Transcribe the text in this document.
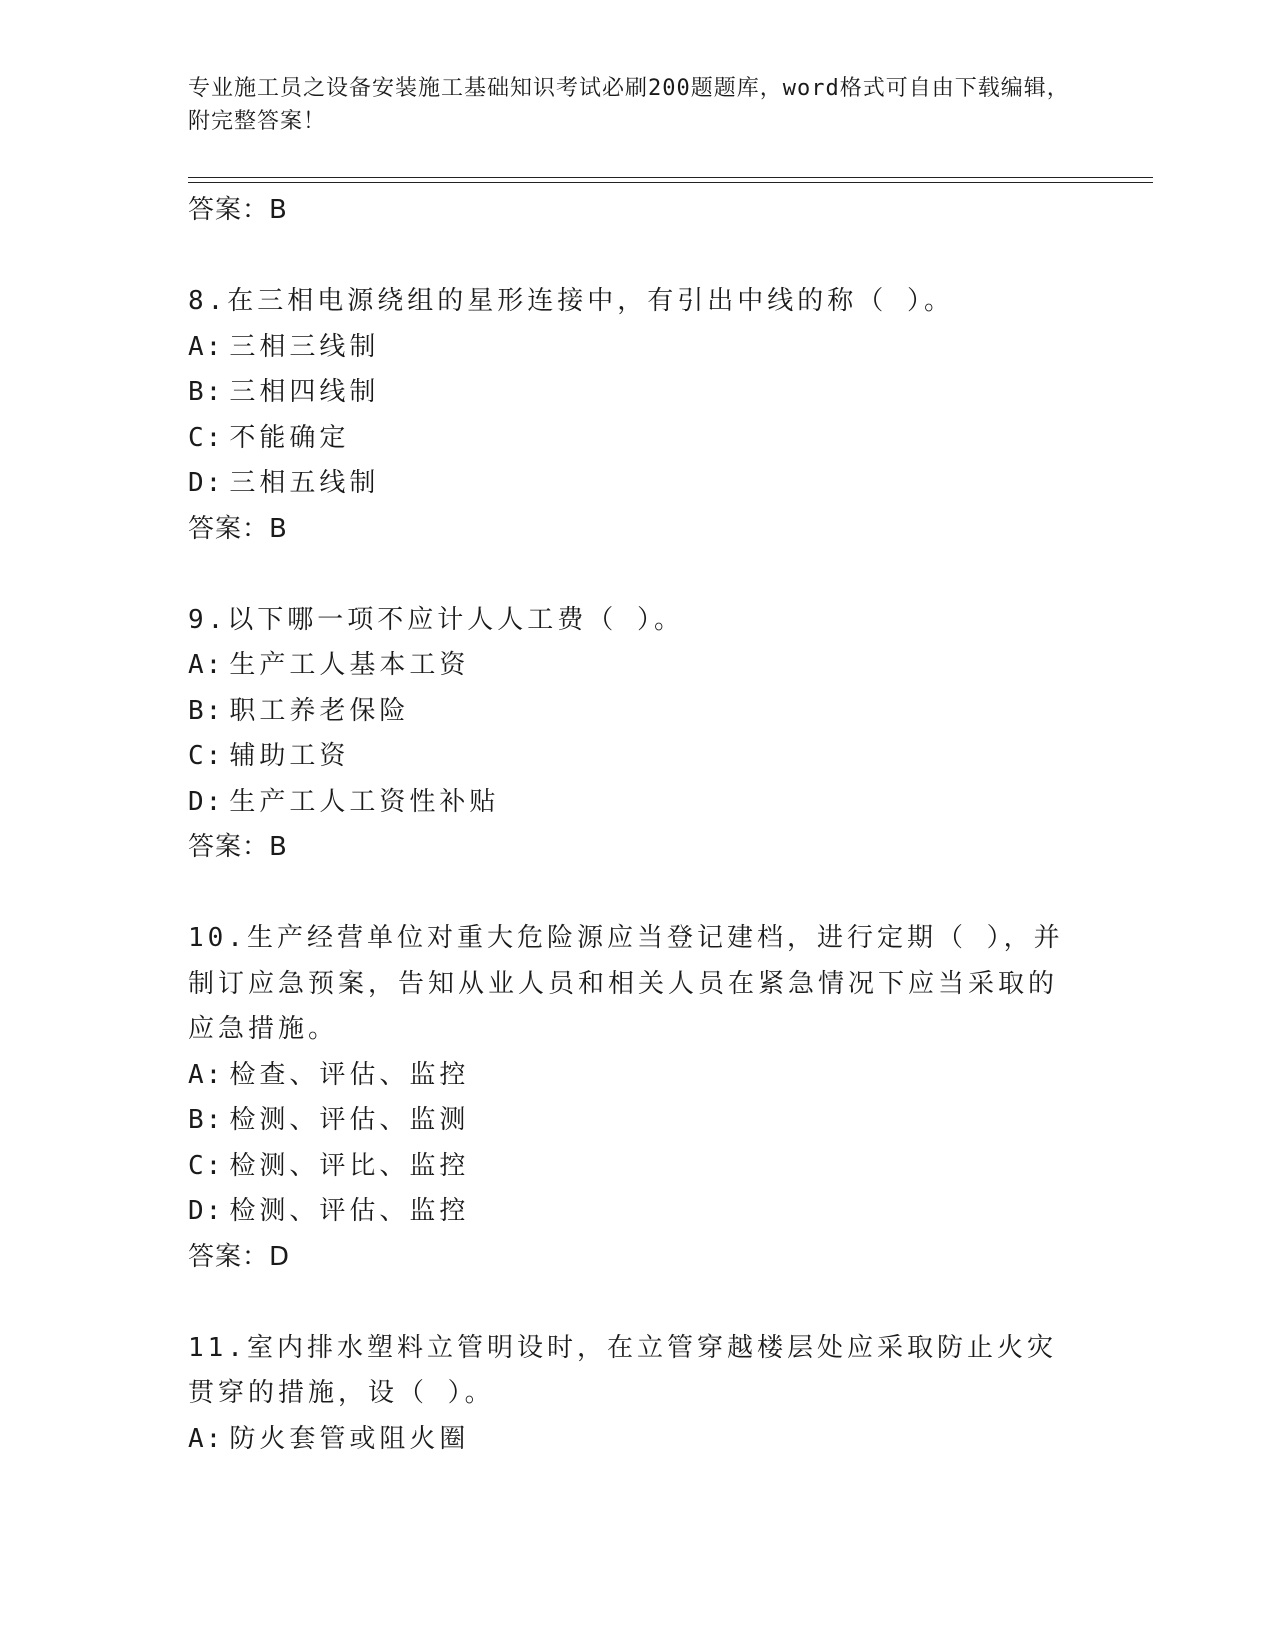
专业施工员之设备安装施工基础知识考试必刷200题题库，word格式可自由下载编辑，附完整答案！
答案：B
8.在三相电源绕组的星形连接中，有引出中线的称（ ）。
A: 三相三线制
B: 三相四线制
C: 不能确定
D: 三相五线制
答案：B
9.以下哪一项不应计人人工费（ ）。
A: 生产工人基本工资
B: 职工养老保险
C: 辅助工资
D: 生产工人工资性补贴
答案：B
10.生产经营单位对重大危险源应当登记建档，进行定期（ ），并制订应急预案，告知从业人员和相关人员在紧急情况下应当采取的应急措施。
A: 检查、评估、监控
B: 检测、评估、监测
C: 检测、评比、监控
D: 检测、评估、监控
答案：D
11.室内排水塑料立管明设时，在立管穿越楼层处应采取防止火灾贯穿的措施，设（ ）。
A: 防火套管或阻火圈
